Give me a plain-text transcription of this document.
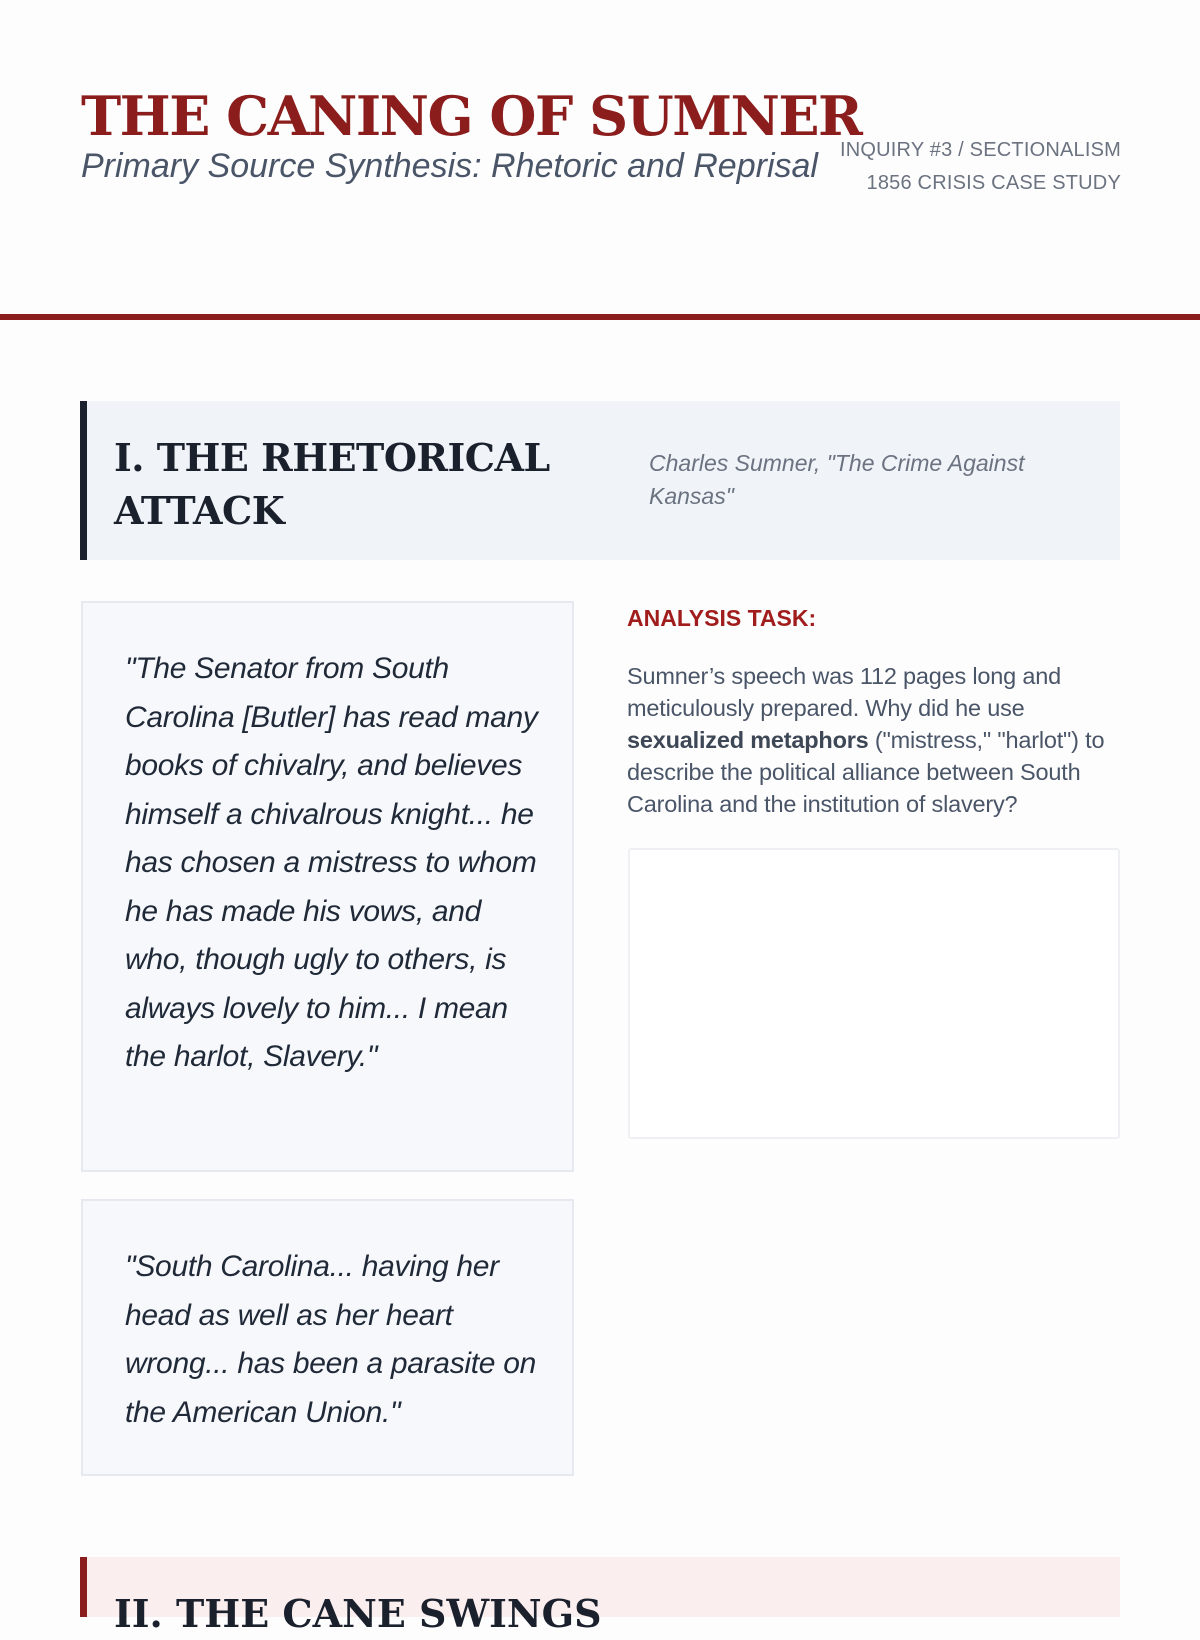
THE CANING OF SUMNER
Primary Source Synthesis: Rhetoric and Reprisal	INQUIRY #3 / SECTIONALISM
1856 CRISIS CASE STUDY
I. THE RHETORICAL ATTACK
Charles Sumner, "The Crime Against Kansas"

"The Senator from South Carolina [Butler] has read many books of chivalry, and believes himself a chivalrous knight... he has chosen a mistress to whom he has made his vows, and who, though ugly to others, is always lovely to him... I mean the harlot, Slavery."

"South Carolina... having her head as well as her heart wrong... has been a parasite on the American Union."

ANALYSIS TASK:
Sumner’s speech was 112 pages long and meticulously prepared. Why did he use sexualized metaphors ("mistress," "harlot") to describe the political alliance between South Carolina and the institution of slavery?
II. THE CANE SWINGS
